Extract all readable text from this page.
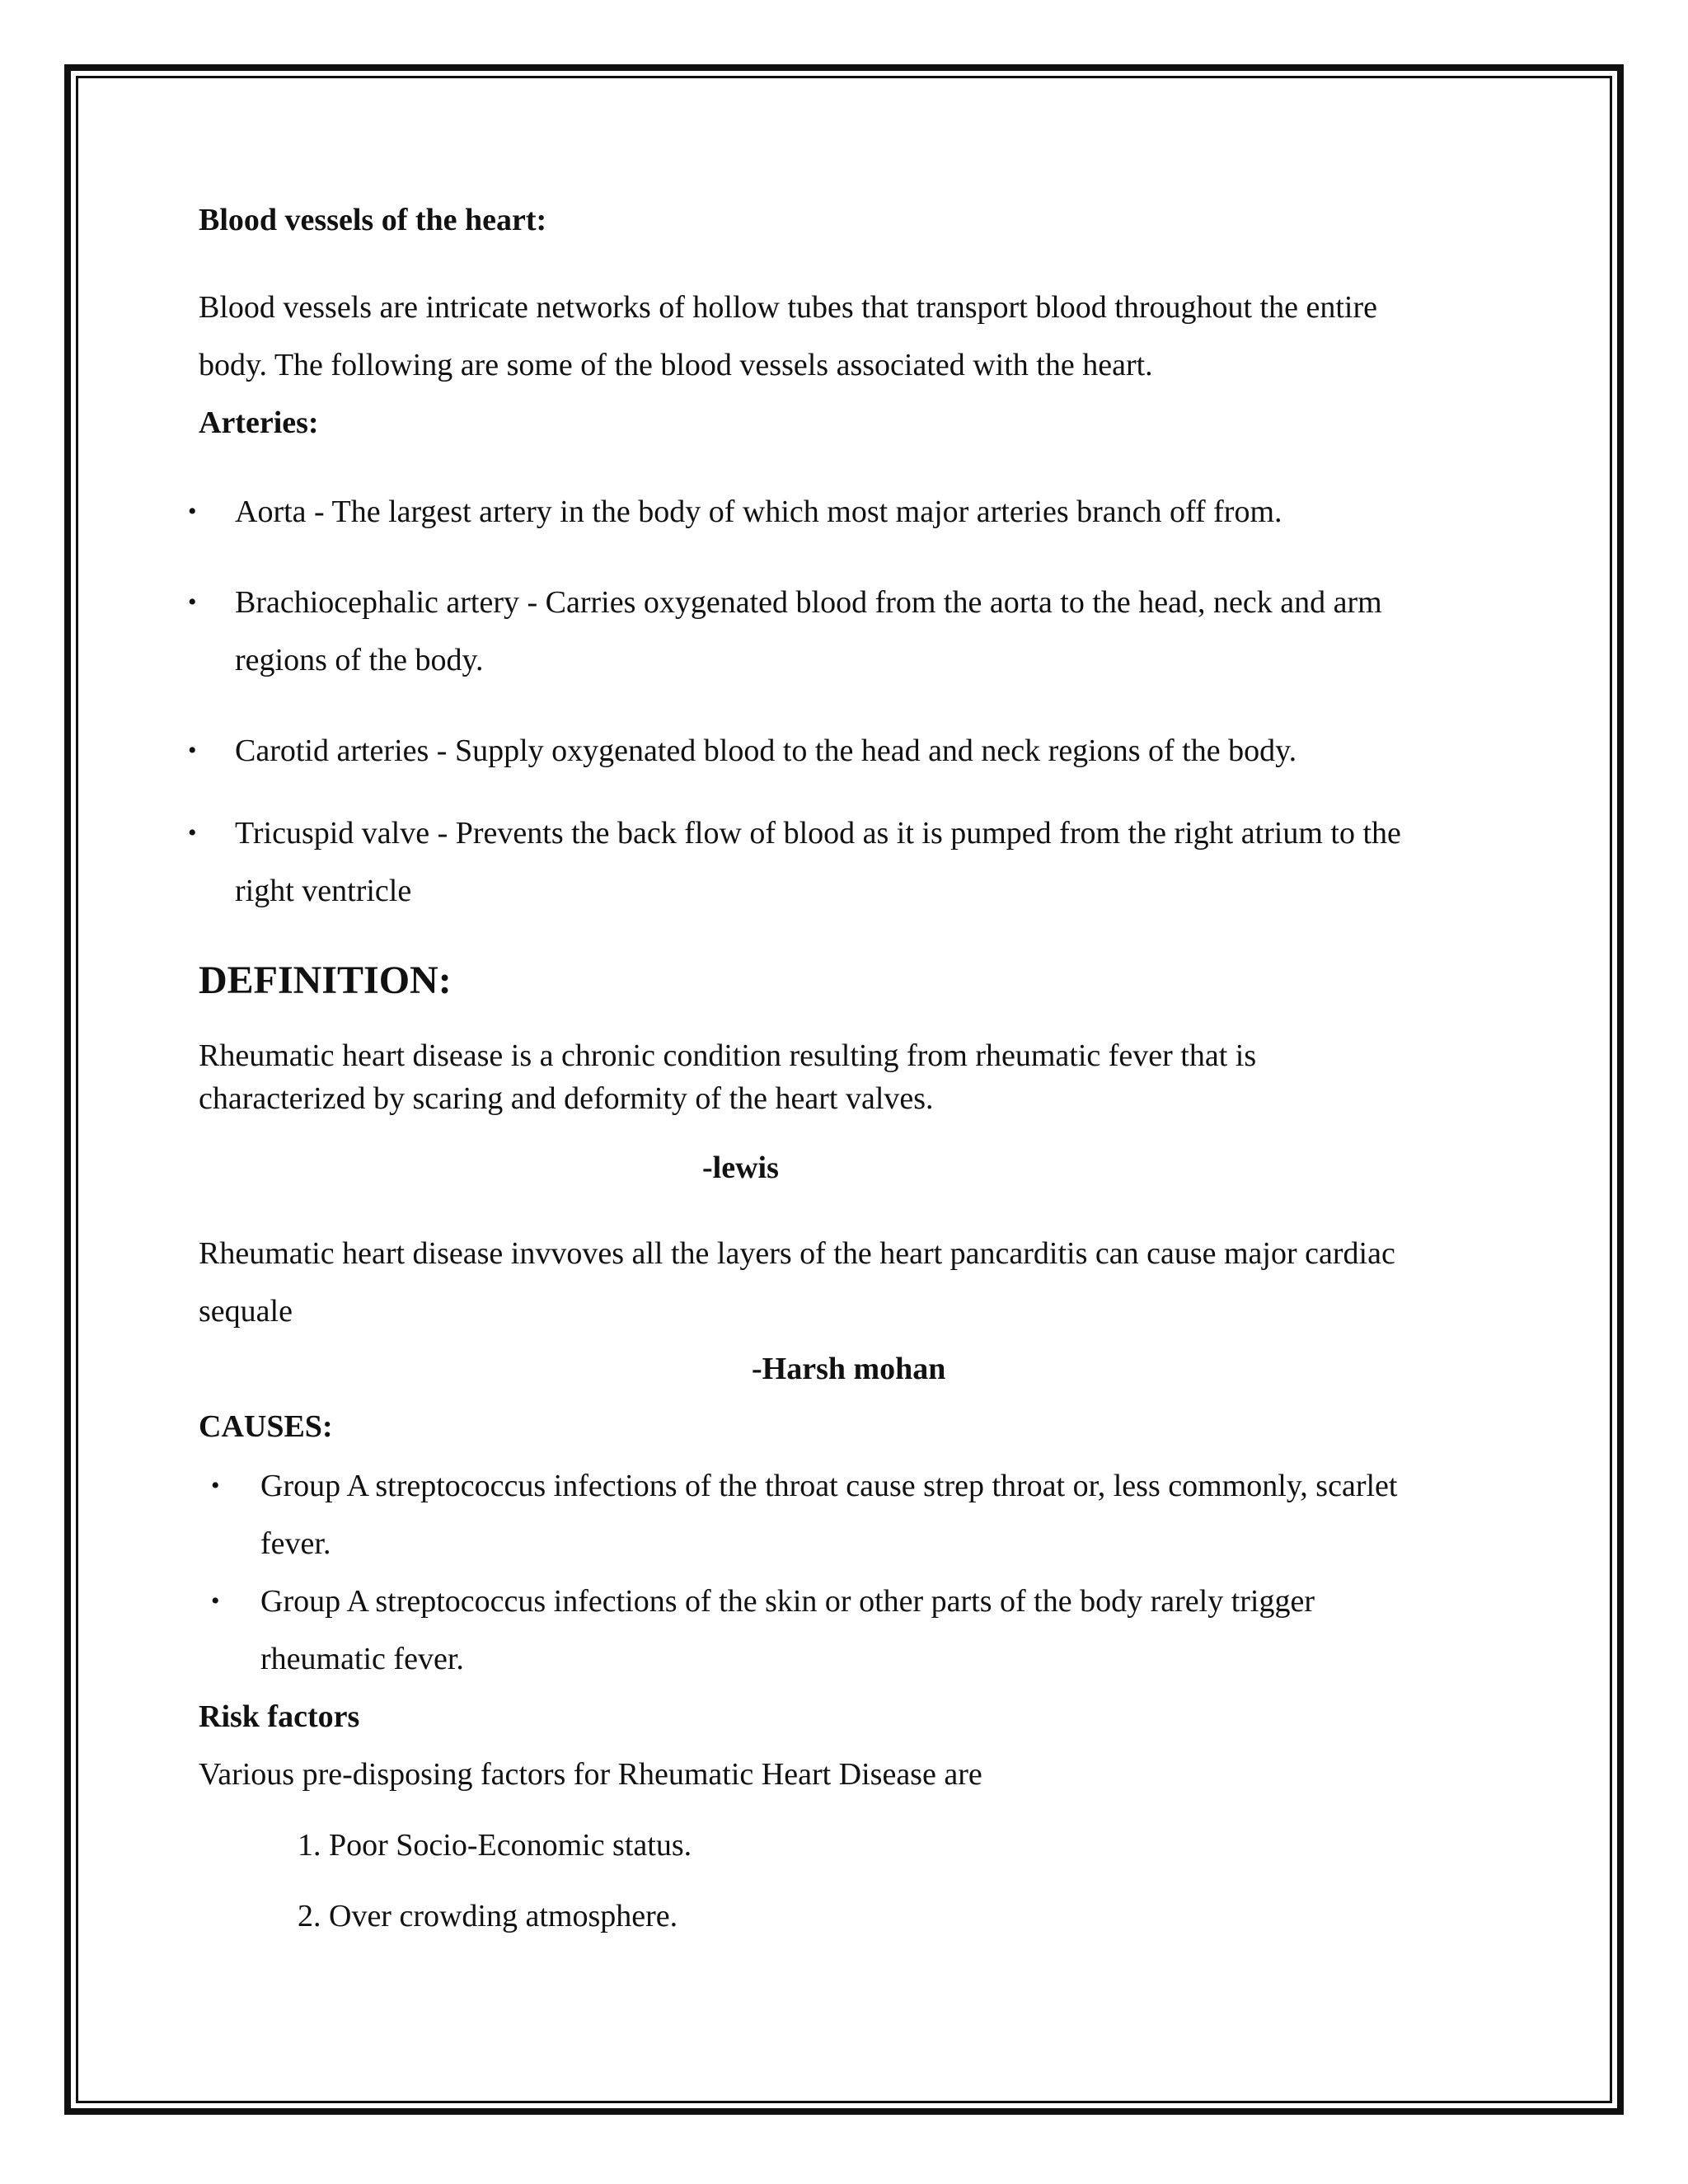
Blood vessels of the heart:
Blood vessels are intricate networks of hollow tubes that transport blood throughout the entire
body. The following are some of the blood vessels associated with the heart.
Arteries:
• Aorta - The largest artery in the body of which most major arteries branch off from.
• Brachiocephalic artery - Carries oxygenated blood from the aorta to the head, neck and arm
regions of the body.
• Carotid arteries - Supply oxygenated blood to the head and neck regions of the body.
• Tricuspid valve - Prevents the back flow of blood as it is pumped from the right atrium to the
right ventricle
DEFINITION:
Rheumatic heart disease is a chronic condition resulting from rheumatic fever that is
characterized by scaring and deformity of the heart valves.
-lewis
Rheumatic heart disease invvoves all the layers of the heart pancarditis can cause major cardiac
sequale
-Harsh mohan
CAUSES:
• Group A streptococcus infections of the throat cause strep throat or, less commonly, scarlet
fever.
• Group A streptococcus infections of the skin or other parts of the body rarely trigger
rheumatic fever.
Risk factors
Various pre-disposing factors for Rheumatic Heart Disease are
1. Poor Socio-Economic status.
2. Over crowding atmosphere.
